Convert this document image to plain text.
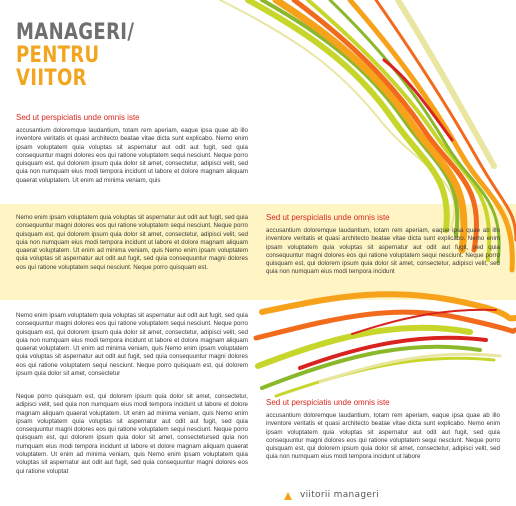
MANAGERI/
PENTRU
VIITOR

Sed ut perspiciatis unde omnis iste

accusantium doloremque laudantium, totam rem aperiam, eaque ipsa quae ab illo inventore veritatis et quasi architecto beatae vitae dicta sunt explicabo. Nemo enim ipsam voluptatem quia voluptas sit aspernatur aut odit aut fugit, sed quia consequuntur magni dolores eos qui ratione voluptatem sequi nesciunt. Neque porro quisquam est, qui dolorem ipsum quia dolor sit amet, consectetur, adipisci velit, sed quia non numquam eius modi tempora incidunt ut labore et dolore magnam aliquam quaerat voluptatem. Ut enim ad minima veniam, quis

Nemo enim ipsam voluptatem quia voluptas sit aspernatur aut odit aut fugit, sed quia consequuntur magni dolores eos qui ratione voluptatem sequi nesciunt. Neque porro quisquam est, qui dolorem ipsum quia dolor sit amet, consectetur, adipisci velit, sed quia non numquam eius modi tempora incidunt ut labore et dolore magnam aliquam quaerat voluptatem. Ut enim ad minima veniam, quis Nemo enim ipsam voluptatem quia voluptas sit aspernatur aut odit aut fugit, sed quia consequuntur magni dolores eos qui ratione voluptatem sequi nesciunt. Neque porro quisquam est.

Sed ut perspiciatis unde omnis iste

accusantium doloremque laudantium, totam rem aperiam, eaque ipsa quae ab illo inventore veritatis et quasi architecto beatae vitae dicta sunt explicabo. Nemo enim ipsam voluptatem quia voluptas sit aspernatur aut odit aut fugit, sed quia consequuntur magni dolores eos qui ratione voluptatem sequi nesciunt. Neque porro quisquam est, qui dolorem ipsum quia dolor sit amet, consectetur, adipisci velit, sed quia non numquam eius modi tempora incidunt

Nemo enim ipsam voluptatem quia voluptas sit aspernatur aut odit aut fugit, sed quia consequuntur magni dolores eos qui ratione voluptatem sequi nesciunt. Neque porro quisquam est, qui dolorem ipsum quia dolor sit amet, consectetur, adipisci velit, sed quia non numquam eius modi tempora incidunt ut labore et dolore magnam aliquam quaerat voluptatem. Ut enim ad minima veniam, quis Nemo enim ipsam voluptatem quia voluptas sit aspernatur aut odit aut fugit, sed quia consequuntur magni dolores eos qui ratione voluptatem sequi nesciunt. Neque porro quisquam est, qui dolorem ipsum quia dolor sit amet, consectetur

Neque porro quisquam est, qui dolorem ipsum quia dolor sit amet, consectetur, adipisci velit, sed quia non numquam eius modi tempora incidunt ut labore et dolore magnam aliquam quaerat voluptatem. Ut enim ad minima veniam, quis Nemo enim ipsam voluptatem quia voluptas sit aspernatur aut odit aut fugit, sed quia consequuntur magni dolores eos qui ratione voluptatem sequi nesciunt. Neque porro quisquam est, qui dolorem ipsum quia dolor sit amet, consectetursed quia non numquam eius modi tempora incidunt ut labore et dolore magnam aliquam quaerat voluptatem. Ut enim ad minima veniam, quis Nemo enim ipsam voluptatem quia voluptas sit aspernatur aut odit aut fugit, sed quia consequuntur magni dolores eos qui ratione voluptat

Sed ut perspiciatis unde omnis iste

accusantium doloremque laudantium, totam rem aperiam, eaque ipsa quae ab illo inventore veritatis et quasi architecto beatae vitae dicta sunt explicabo. Nemo enim ipsam voluptatem quia voluptas sit aspernatur aut odit aut fugit, sed quia consequuntur magni dolores eos qui ratione voluptatem sequi nesciunt. Neque porro quisquam est, qui dolorem ipsum quia dolor sit amet, consectetur, adipisci velit, sed quia non numquam eius modi tempora incidunt ut labore

viitorii manageri
